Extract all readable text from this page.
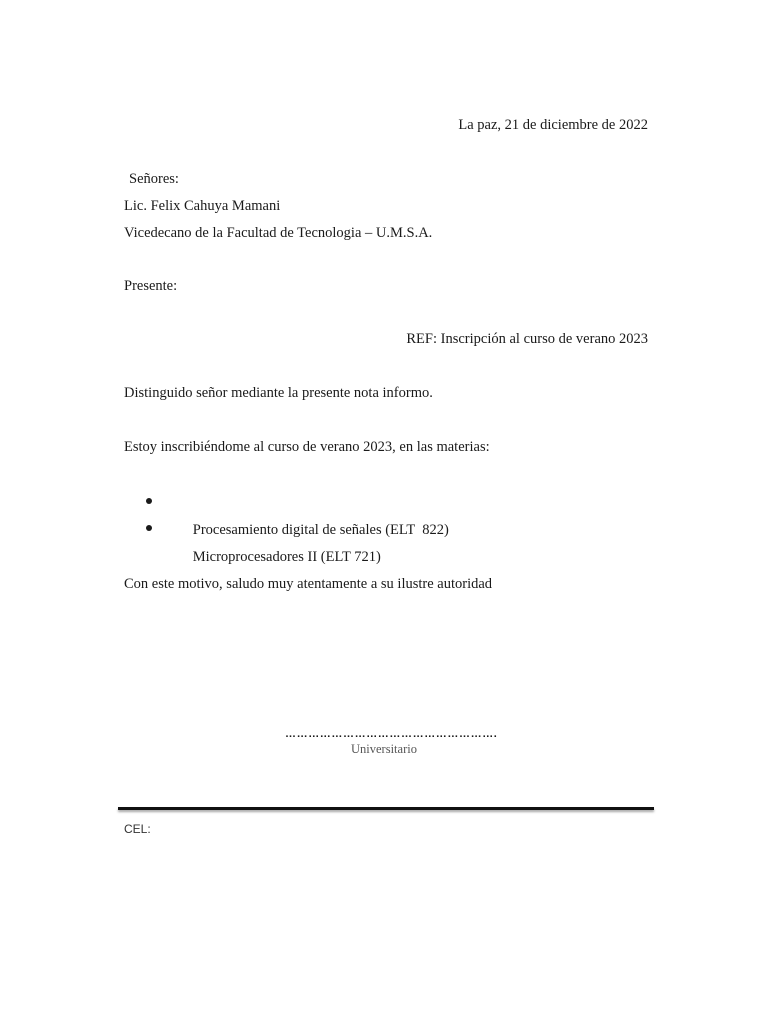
La paz, 21 de diciembre de 2022
Señores:
Lic. Felix Cahuya Mamani
Vicedecano de la Facultad de Tecnologia – U.M.S.A.
Presente:
REF: Inscripción al curso de verano 2023
Distinguido señor mediante la presente nota informo.
Estoy inscribiéndome al curso de verano 2023, en las materias:

Procesamiento digital de señales (ELT  822)

Microprocesadores II (ELT 721)

Con este motivo, saludo muy atentamente a su ilustre autoridad
……………………………………………….
Universitario
CEL:
